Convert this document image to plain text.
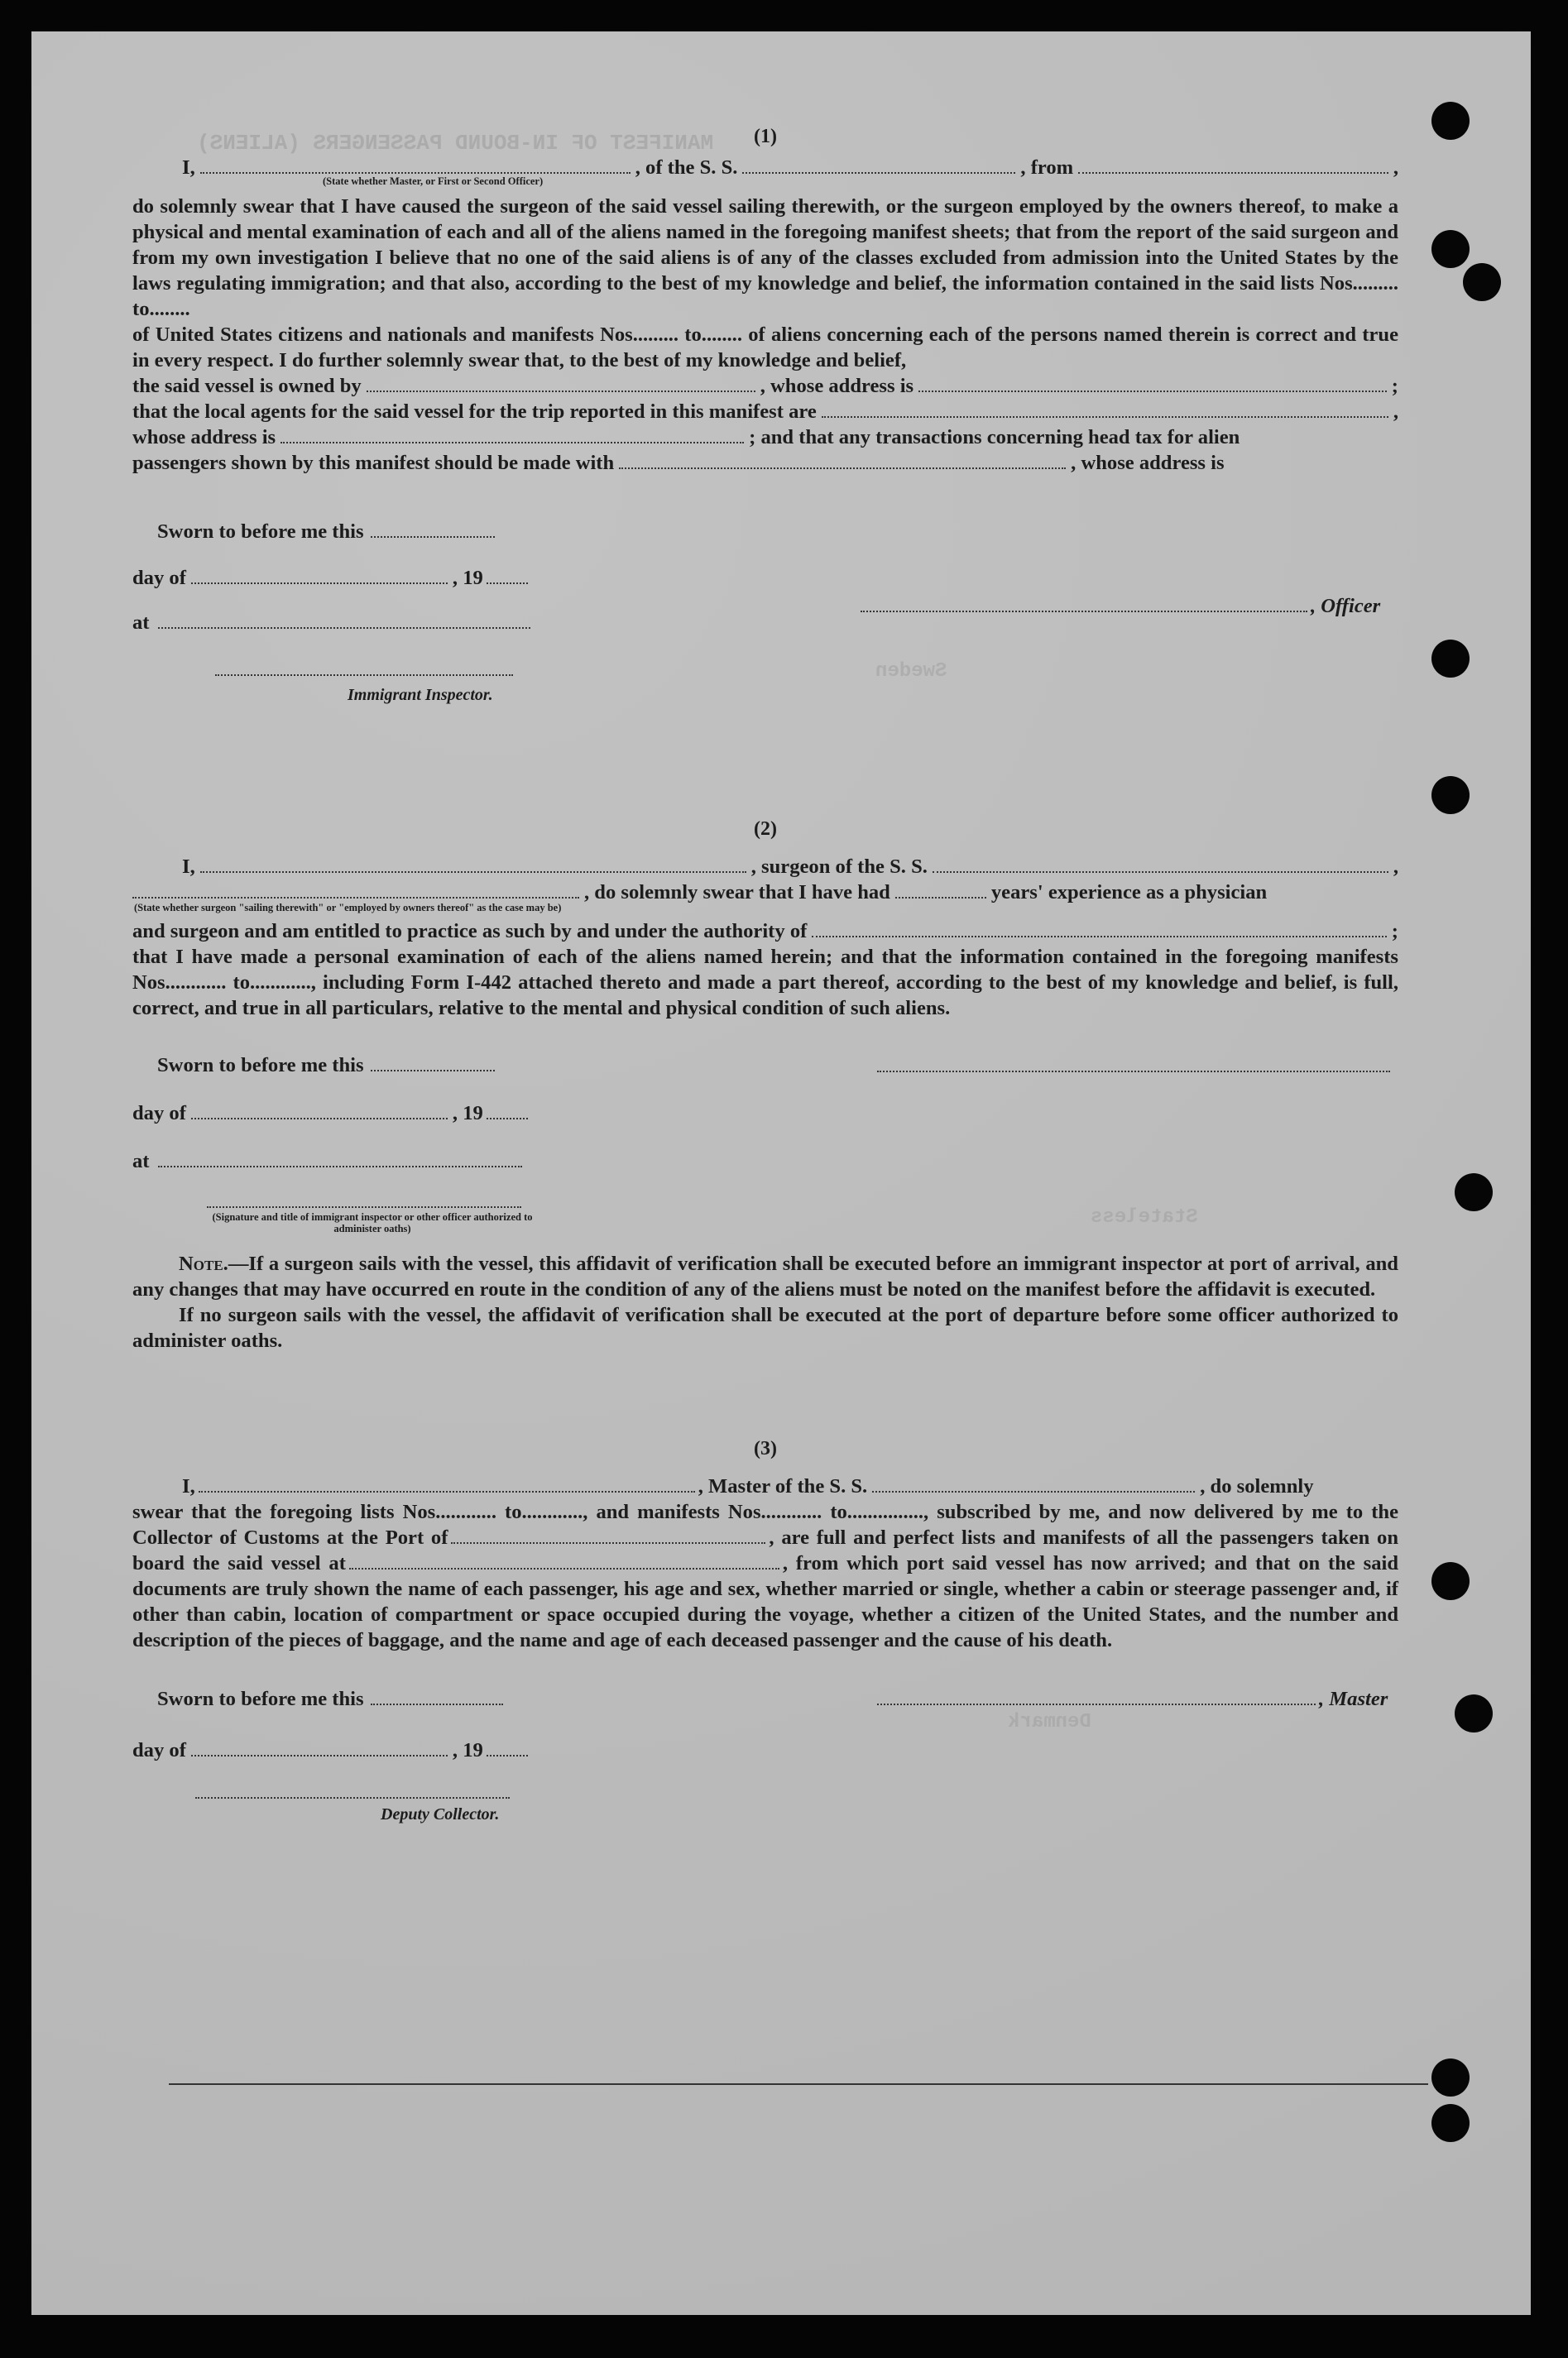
MANIFEST OF IN-BOUND PASSENGERS (ALIENS)
Sweden
Stateless
Denmark
(1)
I,	, of the S. S.	, from	,
(State whether Master, or First or Second Officer)

do solemnly swear that I have caused the surgeon of the said vessel sailing therewith, or the surgeon employed by the owners thereof, to make a physical and mental examination of each and all of the aliens named in the foregoing manifest sheets; that from the report of the said surgeon and from my own investigation I believe that no one of the said aliens is of any of the classes excluded from admission into the United States by the laws regulating immigration; and that also, according to the best of my knowledge and belief, the information contained in the said lists Nos......... to........

of United States citizens and nationals and manifests Nos......... to........ of aliens concerning each of the persons named therein is correct and true in every respect. I do further solemnly swear that, to the best of my knowledge and belief,

the said vessel is owned by	, whose address is	;
that the local agents for the said vessel for the trip reported in this manifest are	,
whose address is	; and that any transactions concerning head tax for alien
passengers shown by this manifest should be made with	, whose address is
Sworn to before me this
day of	, 19
at
, Officer
Immigrant Inspector.
(2)
I,	, surgeon of the S. S.	,
, do solemnly swear that I have had	years' experience as a physician
(State whether surgeon "sailing therewith" or "employed by owners thereof" as the case may be)
and surgeon and am entitled to practice as such by and under the authority of	;

that I have made a personal examination of each of the aliens named herein; and that the information contained in the foregoing manifests Nos............ to............, including Form I-442 attached thereto and made a part thereof, according to the best of my knowledge and belief, is full, correct, and true in all particulars, relative to the mental and physical condition of such aliens.

Sworn to before me this
day of	, 19
at
(Signature and title of immigrant inspector or other officer authorized to administer oaths)

Note.—If a surgeon sails with the vessel, this affidavit of verification shall be executed before an immigrant inspector at port of arrival, and any changes that may have occurred en route in the condition of any of the aliens must be noted on the manifest before the affidavit is executed.

If no surgeon sails with the vessel, the affidavit of verification shall be executed at the port of departure before some officer authorized to administer oaths.

(3)
I,	, Master of the S. S.	, do solemnly

swear that the foregoing lists Nos............ to............, and manifests Nos............ to..............., subscribed by me, and now delivered by me to the Collector of Customs at the Port of	, are full and perfect lists and manifests of all the passengers taken on board the said vessel at	, from which port said vessel has now arrived; and that on the said documents are truly shown the name of each passenger, his age and sex, whether married or single, whether a cabin or steerage passenger and, if other than cabin, location of compartment or space occupied during the voyage, whether a citizen of the United States, and the number and description of the pieces of baggage, and the name and age of each deceased passenger and the cause of his death.

Sworn to before me this	, Master
day of	, 19
Deputy Collector.
